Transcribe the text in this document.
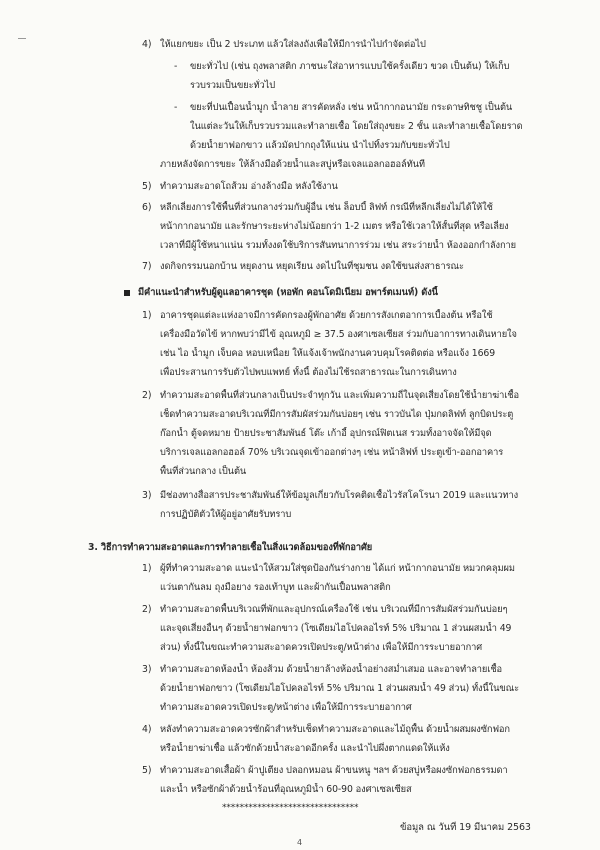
4) ให้แยกขยะ เป็น 2 ประเภท แล้วใส่ลงถังเพื่อให้มีการนำไปกำจัดต่อไป
- ขยะทั่วไป (เช่น ถุงพลาสติก ภาชนะใส่อาหารแบบใช้ครั้งเดียว ขวด เป็นต้น) ให้เก็บ
รวบรวมเป็นขยะทั่วไป
- ขยะที่ปนเปื้อนน้ำมูก น้ำลาย สารคัดหลั่ง เช่น หน้ากากอนามัย กระดาษทิชชู เป็นต้น
ในแต่ละวันให้เก็บรวบรวมและทำลายเชื้อ โดยใส่ถุงขยะ 2 ชั้น และทำลายเชื้อโดยราด
ด้วยน้ำยาฟอกขาว แล้วมัดปากถุงให้แน่น นำไปทิ้งรวมกับขยะทั่วไป
ภายหลังจัดการขยะ ให้ล้างมือด้วยน้ำและสบู่หรือเจลแอลกอฮอล์ทันที
5) ทำความสะอาดโถส้วม อ่างล้างมือ หลังใช้งาน
6) หลีกเลี่ยงการใช้พื้นที่ส่วนกลางร่วมกับผู้อื่น เช่น ล็อบบี้ ลิฟท์ กรณีที่หลีกเลี่ยงไม่ได้ให้ใช้
หน้ากากอนามัย และรักษาระยะห่างไม่น้อยกว่า 1-2 เมตร หรือใช้เวลาให้สั้นที่สุด หรือเลี่ยง
เวลาที่มีผู้ใช้หนาแน่น รวมทั้งงดใช้บริการสันทนาการร่วม เช่น สระว่ายน้ำ ห้องออกกำลังกาย
7) งดกิจกรรมนอกบ้าน หยุดงาน หยุดเรียน งดไปในที่ชุมชน งดใช้ขนส่งสาธารณะ
มีคำแนะนำสำหรับผู้ดูแลอาคารชุด (หอพัก คอนโดมิเนียม อพาร์ตเมนท์) ดังนี้
1) อาคารชุดแต่ละแห่งอาจมีการคัดกรองผู้พักอาศัย ด้วยการสังเกตอาการเบื้องต้น หรือใช้
เครื่องมือวัดไข้ หากพบว่ามีไข้ อุณหภูมิ ≥ 37.5 องศาเซลเซียส ร่วมกับอาการทางเดินหายใจ
เช่น ไอ น้ำมูก เจ็บคอ หอบเหนื่อย ให้แจ้งเจ้าพนักงานควบคุมโรคติดต่อ หรือแจ้ง 1669
เพื่อประสานการรับตัวไปพบแพทย์ ทั้งนี้ ต้องไม่ใช้รถสาธารณะในการเดินทาง
2) ทำความสะอาดพื้นที่ส่วนกลางเป็นประจำทุกวัน และเพิ่มความถี่ในจุดเสี่ยงโดยใช้น้ำยาฆ่าเชื้อ
เช็ดทำความสะอาดบริเวณที่มีการสัมผัสร่วมกันบ่อยๆ เช่น ราวบันได ปุ่มกดลิฟท์ ลูกบิดประตู
ก๊อกน้ำ ตู้จดหมาย ป้ายประชาสัมพันธ์ โต๊ะ เก้าอี้ อุปกรณ์ฟิตเนส รวมทั้งอาจจัดให้มีจุด
บริการเจลแอลกอฮอล์ 70% บริเวณจุดเข้าออกต่างๆ เช่น หน้าลิฟท์ ประตูเข้า-ออกอาคาร
พื้นที่ส่วนกลาง เป็นต้น
3) มีช่องทางสื่อสารประชาสัมพันธ์ให้ข้อมูลเกี่ยวกับโรคติดเชื้อไวรัสโคโรนา 2019 และแนวทาง
การปฏิบัติตัวให้ผู้อยู่อาศัยรับทราบ
3. วิธีการทำความสะอาดและการทำลายเชื้อในสิ่งแวดล้อมของที่พักอาศัย
1) ผู้ที่ทำความสะอาด แนะนำให้สวมใส่ชุดป้องกันร่างกาย ได้แก่ หน้ากากอนามัย หมวกคลุมผม
แว่นตากันลม ถุงมือยาง รองเท้าบูท และผ้ากันเปื้อนพลาสติก
2) ทำความสะอาดพื้นบริเวณที่พักและอุปกรณ์เครื่องใช้ เช่น บริเวณที่มีการสัมผัสร่วมกันบ่อยๆ
และจุดเสี่ยงอื่นๆ ด้วยน้ำยาฟอกขาว (โซเดียมไฮโปคลอไรท์ 5% ปริมาณ 1 ส่วนผสมน้ำ 49
ส่วน) ทั้งนี้ในขณะทำความสะอาดควรเปิดประตู/หน้าต่าง เพื่อให้มีการระบายอากาศ
3) ทำความสะอาดห้องน้ำ ห้องส้วม ด้วยน้ำยาล้างห้องน้ำอย่างสม่ำเสมอ และอาจทำลายเชื้อ
ด้วยน้ำยาฟอกขาว (โซเดียมไฮโปคลอไรท์ 5% ปริมาณ 1 ส่วนผสมน้ำ 49 ส่วน) ทั้งนี้ในขณะ
ทำความสะอาดควรเปิดประตู/หน้าต่าง เพื่อให้มีการระบายอากาศ
4) หลังทำความสะอาดควรซักผ้าสำหรับเช็ดทำความสะอาดและไม้ถูพื้น ด้วยน้ำผสมผงซักฟอก
หรือน้ำยาฆ่าเชื้อ แล้วซักด้วยน้ำสะอาดอีกครั้ง และนำไปผึ่งตากแดดให้แห้ง
5) ทำความสะอาดเสื้อผ้า ผ้าปูเตียง ปลอกหมอน ผ้าขนหนู ฯลฯ ด้วยสบู่หรือผงซักฟอกธรรมดา
และน้ำ หรือซักผ้าด้วยน้ำร้อนที่อุณหภูมิน้ำ 60-90 องศาเซลเซียส
*******************************
ข้อมูล ณ วันที่ 19 มีนาคม 2563
4
